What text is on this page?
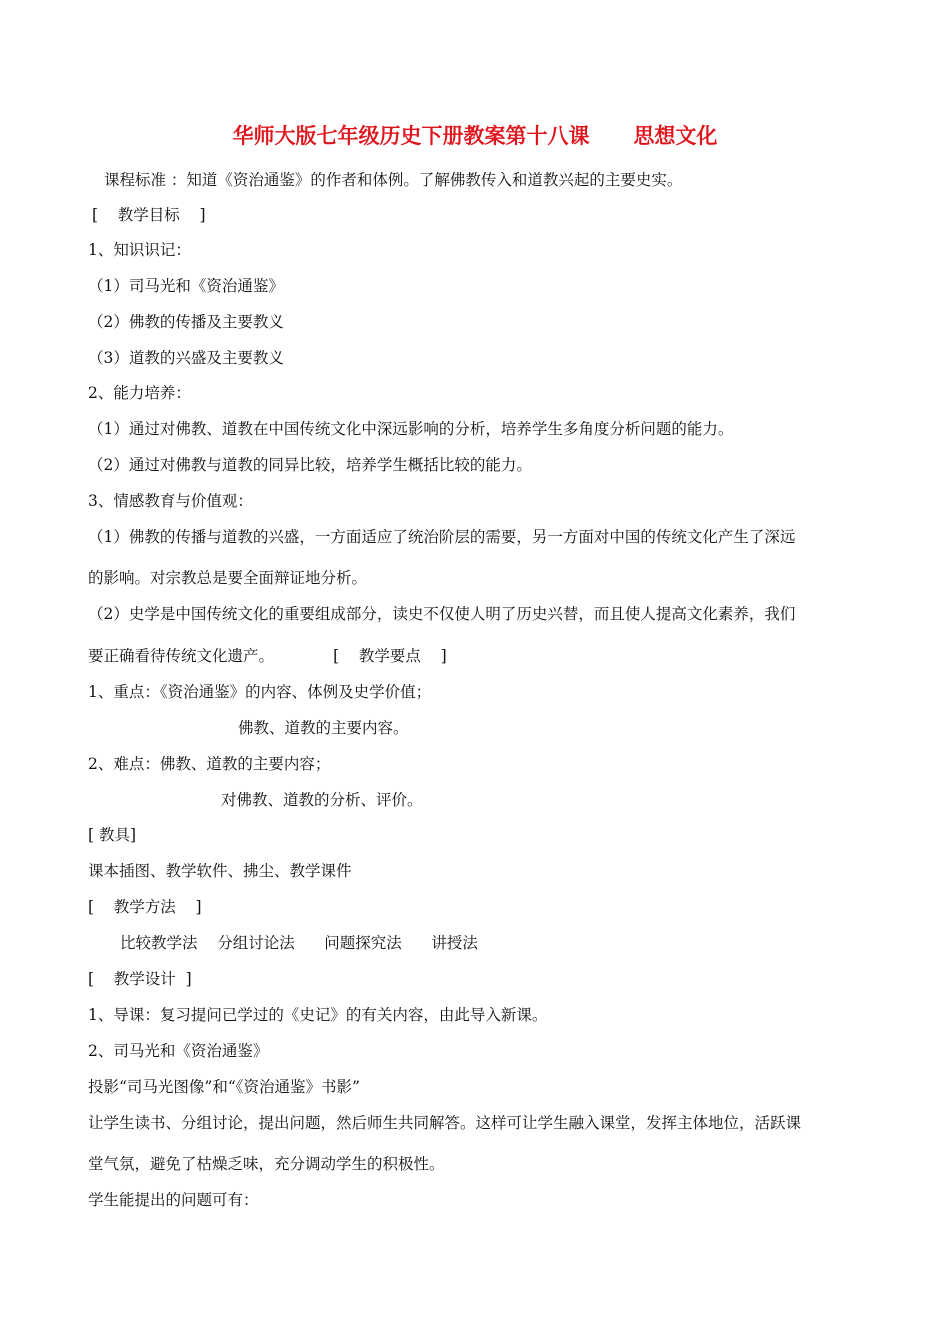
华师大版七年级历史下册教案第十八课      思想文化
课程标准 ：知道《资治通鉴》的作者和体例。了解佛教传入和道教兴起的主要史实。
[    教学目标    ]
1、知识识记：
（1）司马光和《资治通鉴》
（2）佛教的传播及主要教义
（3）道教的兴盛及主要教义
2、能力培养：
（1）通过对佛教、道教在中国传统文化中深远影响的分析，培养学生多角度分析问题的能力。
（2）通过对佛教与道教的同异比较，培养学生概括比较的能力。
3、情感教育与价值观：
（1）佛教的传播与道教的兴盛，一方面适应了统治阶层的需要，另一方面对中国的传统文化产生了深远
的影响。对宗教总是要全面辩证地分析。
（2）史学是中国传统文化的重要组成部分，读史不仅使人明了历史兴替，而且使人提高文化素养，我们
要正确看待传统文化遗产。            [    教学要点    ]
1、重点：《资治通鉴》的内容、体例及史学价值；
佛教、道教的主要内容。
2、难点：佛教、道教的主要内容；
对佛教、道教的分析、评价。
[ 教具]
课本插图、教学软件、拂尘、教学课件
[    教学方法    ]
比较教学法    分组讨论法      问题探究法      讲授法
[    教学设计  ]
1、导课：复习提问已学过的《史记》的有关内容，由此导入新课。
2、司马光和《资治通鉴》
投影“司马光图像”和“《资治通鉴》书影”
让学生读书、分组讨论，提出问题，然后师生共同解答。这样可让学生融入课堂，发挥主体地位，活跃课
堂气氛，避免了枯燥乏味，充分调动学生的积极性。
学生能提出的问题可有：
